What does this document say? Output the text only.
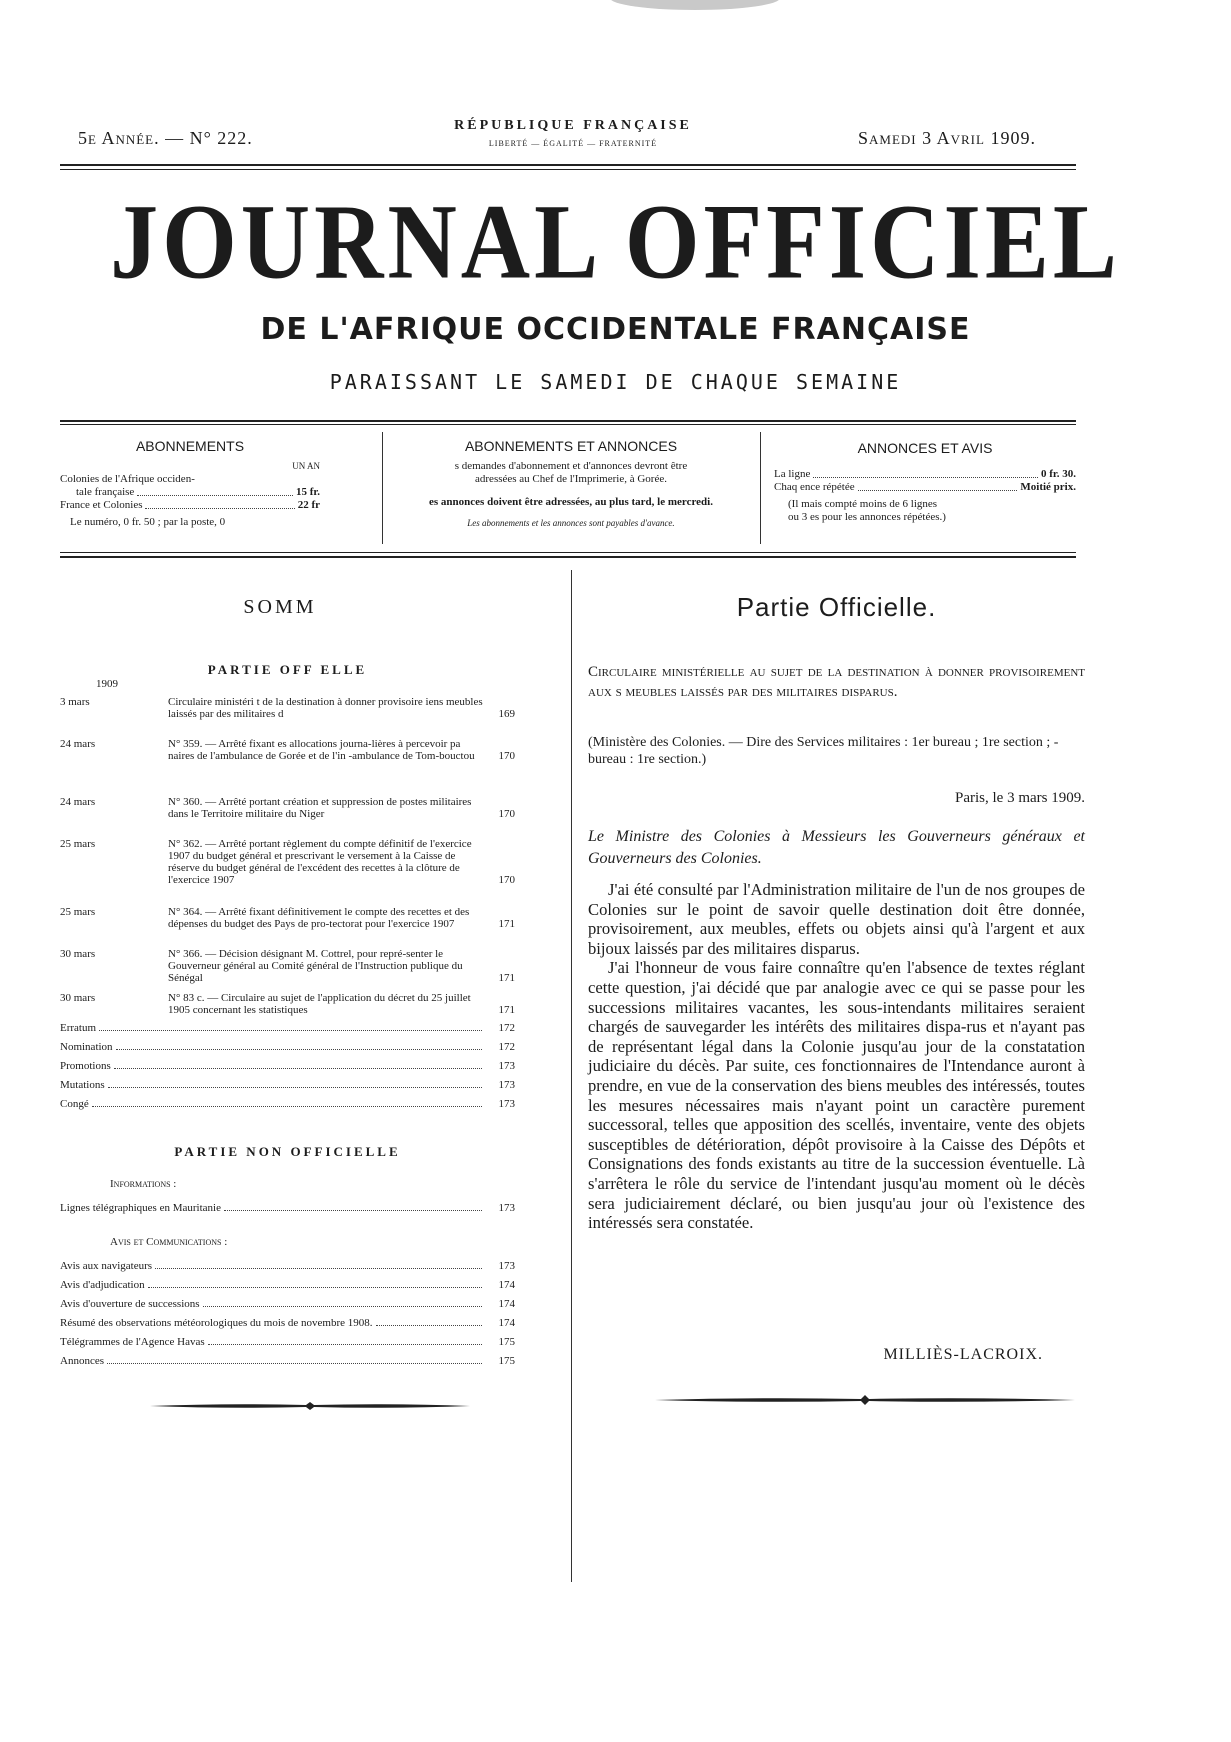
5e Année. — N° 222.
RÉPUBLIQUE FRANÇAISE
LIBERTÉ — ÉGALITÉ — FRATERNITÉ	Samedi 3 Avril 1909.
JOURNAL OFFICIEL
DE L'AFRIQUE OCCIDENTALE FRANÇAISE
PARAISSANT LE SAMEDI DE CHAQUE SEMAINE
ABONNEMENTS
UN AN
Colonies de l'Afrique occiden-
tale française	15 fr.
France et Colonies	22 fr
Le numéro, 0 fr. 50 ; par la poste, 0
ABONNEMENTS ET ANNONCES
s demandes d'abonnement et d'annonces devront être
adressées au Chef de l'Imprimerie, à Gorée.
es annonces doivent être adressées, au plus tard, le mercredi.
Les abonnements et les annonces sont payables d'avance.
ANNONCES ET AVIS
La ligne	0 fr. 30.
Chaq ence répétée	Moitié prix.
(Il mais compté moins de 6 lignes
ou 3 es pour les annonces répétées.)
SOMM
PARTIE OFF ELLE
1909
3 mars	Circulaire ministéri t de la destination à donner provisoire iens meubles laissés par des militaires d	169
24 mars	N° 359. — Arrêté fixant es allocations journa-lières à percevoir pa naires de l'ambulance de Gorée et de l'in -ambulance de Tom-bouctou	170
24 mars	N° 360. — Arrêté portant création et suppression de postes militaires dans le Territoire militaire du Niger	170
25 mars	N° 362. — Arrêté portant règlement du compte définitif de l'exercice 1907 du budget général et prescrivant le versement à la Caisse de réserve du budget général de l'excédent des recettes à la clôture de l'exercice 1907	170
25 mars	N° 364. — Arrêté fixant définitivement le compte des recettes et des dépenses du budget des Pays de pro-tectorat pour l'exercice 1907	171
30 mars	N° 366. — Décision désignant M. Cottrel, pour repré-senter le Gouverneur général au Comité général de l'Instruction publique du Sénégal	171
30 mars	N° 83 c. — Circulaire au sujet de l'application du décret du 25 juillet 1905 concernant les statistiques	171
Erratum	172
Nomination	172
Promotions	173
Mutations	173
Congé	173
PARTIE NON OFFICIELLE
Informations :
Lignes télégraphiques en Mauritanie	173
Avis et Communications :
Avis aux navigateurs	173
Avis d'adjudication	174
Avis d'ouverture de successions	174
Résumé des observations météorologiques du mois de novembre 1908.	174
Télégrammes de l'Agence Havas	175
Annonces	175
Partie Officielle.
Circulaire ministérielle au sujet de la destination à donner provisoirement aux s meubles laissés par des militaires disparus.
(Ministère des Colonies. — Dire des Services militaires : 1er bureau ; 1re section ; - bureau : 1re section.)
Paris, le 3 mars 1909.
Le Ministre des Colonies à Messieurs les Gouverneurs généraux et Gouverneurs des Colonies.

J'ai été consulté par l'Administration militaire de l'un de nos groupes de Colonies sur le point de savoir quelle destination doit être donnée, provisoirement, aux meubles, effets ou objets ainsi qu'à l'argent et aux bijoux laissés par des militaires disparus.

J'ai l'honneur de vous faire connaître qu'en l'absence de textes réglant cette question, j'ai décidé que par analogie avec ce qui se passe pour les successions militaires vacantes, les sous-intendants militaires seraient chargés de sauvegarder les intérêts des militaires dispa-rus et n'ayant pas de représentant légal dans la Colonie jusqu'au jour de la constatation judiciaire du décès. Par suite, ces fonctionnaires de l'Intendance auront à prendre, en vue de la conservation des biens meubles des intéressés, toutes les mesures nécessaires mais n'ayant point un caractère purement successoral, telles que apposition des scellés, inventaire, vente des objets susceptibles de détérioration, dépôt provisoire à la Caisse des Dépôts et Consignations des fonds existants au titre de la succession éventuelle. Là s'arrêtera le rôle du service de l'intendant jusqu'au moment où le décès sera judiciairement déclaré, ou bien jusqu'au jour où l'existence des intéressés sera constatée.

MILLIÈS-LACROIX.
